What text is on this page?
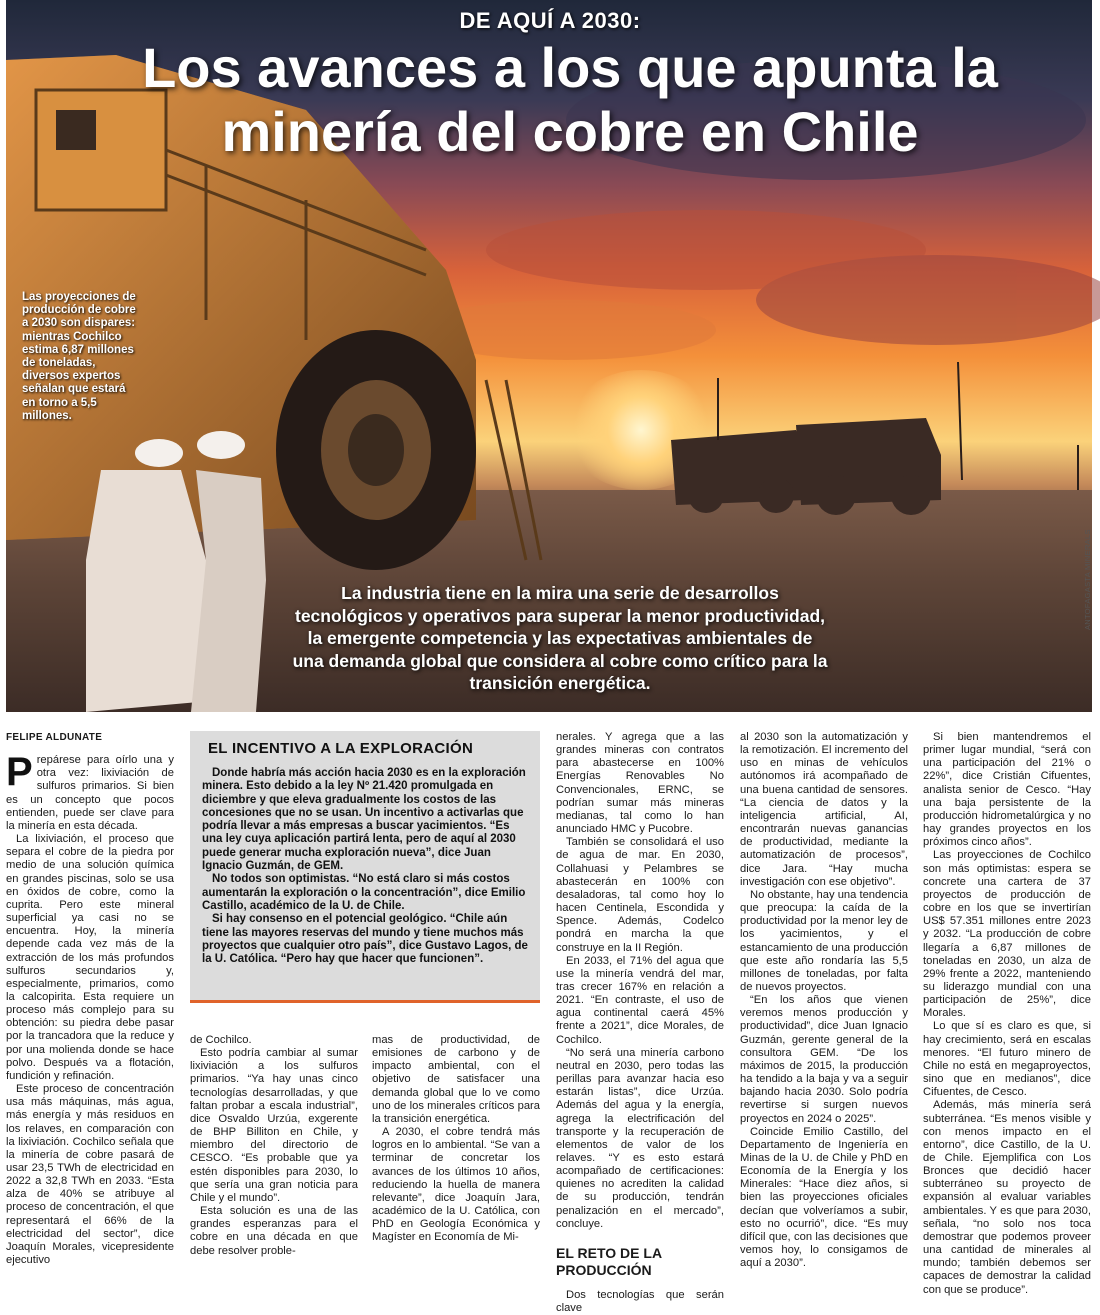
DE AQUÍ A 2030:
Los avances a los que apunta la minería del cobre en Chile
Las proyecciones de producción de cobre a 2030 son dispares: mientras Cochilco estima 6,87 millones de toneladas, diversos expertos señalan que estará en torno a 5,5 millones.
La industria tiene en la mira una serie de desarrollos tecnológicos y operativos para superar la menor productividad, la emergente competencia y las expectativas ambientales de una demanda global que considera al cobre como crítico para la transición energética.
ANTOFAGASTA MINERALS
FELIPE ALDUNATE

Prepárese para oírlo una y otra vez: lixiviación de sulfuros primarios. Si bien es un concepto que pocos entienden, puede ser clave para la minería en esta década.

La lixiviación, el proceso que separa el cobre de la piedra por medio de una solución química en grandes piscinas, solo se usa en óxidos de cobre, como la cuprita. Pero este mineral superficial ya casi no se encuentra. Hoy, la minería depende cada vez más de la extracción de los más profundos sulfuros secundarios y, especialmente, primarios, como la calcopirita. Esta requiere un proceso más complejo para su obtención: su piedra debe pasar por la trancadora que la reduce y por una molienda donde se hace polvo. Después va a flotación, fundición y refinación.

Este proceso de concentración usa más máquinas, más agua, más energía y más residuos en los relaves, en comparación con la lixiviación. Cochilco señala que la minería de cobre pasará de usar 23,5 TWh de electricidad en 2022 a 32,8 TWh en 2033. “Esta alza de 40% se atribuye al proceso de concentración, el que representará el 66% de la electricidad del sector”, dice Joaquín Morales, vicepresidente ejecutivo

EL INCENTIVO A LA EXPLORACIÓN

Donde habría más acción hacia 2030 es en la exploración minera. Esto debido a la ley Nº 21.420 promulgada en diciembre y que eleva gradualmente los costos de las concesiones que no se usan. Un incentivo a activarlas que podría llevar a más empresas a buscar yacimientos. “Es una ley cuya aplicación partirá lenta, pero de aquí al 2030 puede generar mucha exploración nueva”, dice Juan Ignacio Guzmán, de GEM.

No todos son optimistas. “No está claro si más costos aumentarán la exploración o la concentración”, dice Emilio Castillo, académico de la U. de Chile.

Si hay consenso en el potencial geológico. “Chile aún tiene las mayores reservas del mundo y tiene muchos más proyectos que cualquier otro país”, dice Gustavo Lagos, de la U. Católica. “Pero hay que hacer que funcionen”.

de Cochilco.

Esto podría cambiar al sumar lixiviación a los sulfuros primarios. “Ya hay unas cinco tecnologías desarrolladas, y que faltan probar a escala industrial”, dice Osvaldo Urzúa, exgerente de BHP Billiton en Chile, y miembro del directorio de CESCO. “Es probable que ya estén disponibles para 2030, lo que sería una gran noticia para Chile y el mundo”.

Esta solución es una de las grandes esperanzas para el cobre en una década en que debe resolver proble-

mas de productividad, de emisiones de carbono y de impacto ambiental, con el objetivo de satisfacer una demanda global que lo ve como uno de los minerales críticos para la transición energética.

A 2030, el cobre tendrá más logros en lo ambiental. “Se van a terminar de concretar los avances de los últimos 10 años, reduciendo la huella de manera relevante”, dice Joaquín Jara, académico de la U. Católica, con PhD en Geología Económica y Magíster en Economía de Mi-

nerales. Y agrega que a las grandes mineras con contratos para abastecerse en 100% Energías Renovables No Convencionales, ERNC, se podrían sumar más mineras medianas, tal como lo han anunciado HMC y Pucobre.

También se consolidará el uso de agua de mar. En 2030, Collahuasi y Pelambres se abastecerán en 100% con desaladoras, tal como hoy lo hacen Centinela, Escondida y Spence. Además, Codelco pondrá en marcha la que construye en la II Región.

En 2033, el 71% del agua que use la minería vendrá del mar, tras crecer 167% en relación a 2021. “En contraste, el uso de agua continental caerá 45% frente a 2021”, dice Morales, de Cochilco.

“No será una minería carbono neutral en 2030, pero todas las perillas para avanzar hacia eso estarán listas”, dice Urzúa. Además del agua y la energía, agrega la electrificación del transporte y la recuperación de elementos de valor de los relaves. “Y es esto estará acompañado de certificaciones: quienes no acrediten la calidad de su producción, tendrán penalización en el mercado”, concluye.

EL RETO DE LA PRODUCCIÓN

Dos tecnologías que serán clave

al 2030 son la automatización y la remotización. El incremento del uso en minas de vehículos autónomos irá acompañado de una buena cantidad de sensores. “La ciencia de datos y la inteligencia artificial, AI, encontrarán nuevas ganancias de productividad, mediante la automatización de procesos”, dice Jara. “Hay mucha investigación con ese objetivo”.

No obstante, hay una tendencia que preocupa: la caída de la productividad por la menor ley de los yacimientos, y el estancamiento de una producción que este año rondaría las 5,5 millones de toneladas, por falta de nuevos proyectos.

“En los años que vienen veremos menos producción y productividad”, dice Juan Ignacio Guzmán, gerente general de la consultora GEM. “De los máximos de 2015, la producción ha tendido a la baja y va a seguir bajando hacia 2030. Solo podría revertirse si surgen nuevos proyectos en 2024 o 2025”.

Coincide Emilio Castillo, del Departamento de Ingeniería en Minas de la U. de Chile y PhD en Economía de la Energía y los Minerales: “Hace diez años, si bien las proyecciones oficiales decían que volveríamos a subir, esto no ocurrió”, dice. “Es muy difícil que, con las decisiones que vemos hoy, lo consigamos de aquí a 2030”.

Si bien mantendremos el primer lugar mundial, “será con una participación del 21% o 22%”, dice Cristián Cifuentes, analista senior de Cesco. “Hay una baja persistente de la producción hidrometalúrgica y no hay grandes proyectos en los próximos cinco años”.

Las proyecciones de Cochilco son más optimistas: espera se concrete una cartera de 37 proyectos de producción de cobre en los que se invertirían US$ 57.351 millones entre 2023 y 2032. “La producción de cobre llegaría a 6,87 millones de toneladas en 2030, un alza de 29% frente a 2022, manteniendo su liderazgo mundial con una participación de 25%”, dice Morales.

Lo que sí es claro es que, si hay crecimiento, será en escalas menores. “El futuro minero de Chile no está en megaproyectos, sino que en medianos”, dice Cifuentes, de Cesco.

Además, más minería será subterránea. “Es menos visible y con menos impacto en el entorno”, dice Castillo, de la U. de Chile. Ejemplifica con Los Bronces que decidió hacer subterráneo su proyecto de expansión al evaluar variables ambientales. Y es que para 2030, señala, “no solo nos toca demostrar que podemos proveer una cantidad de minerales al mundo; también debemos ser capaces de demostrar la calidad con que se produce”.
